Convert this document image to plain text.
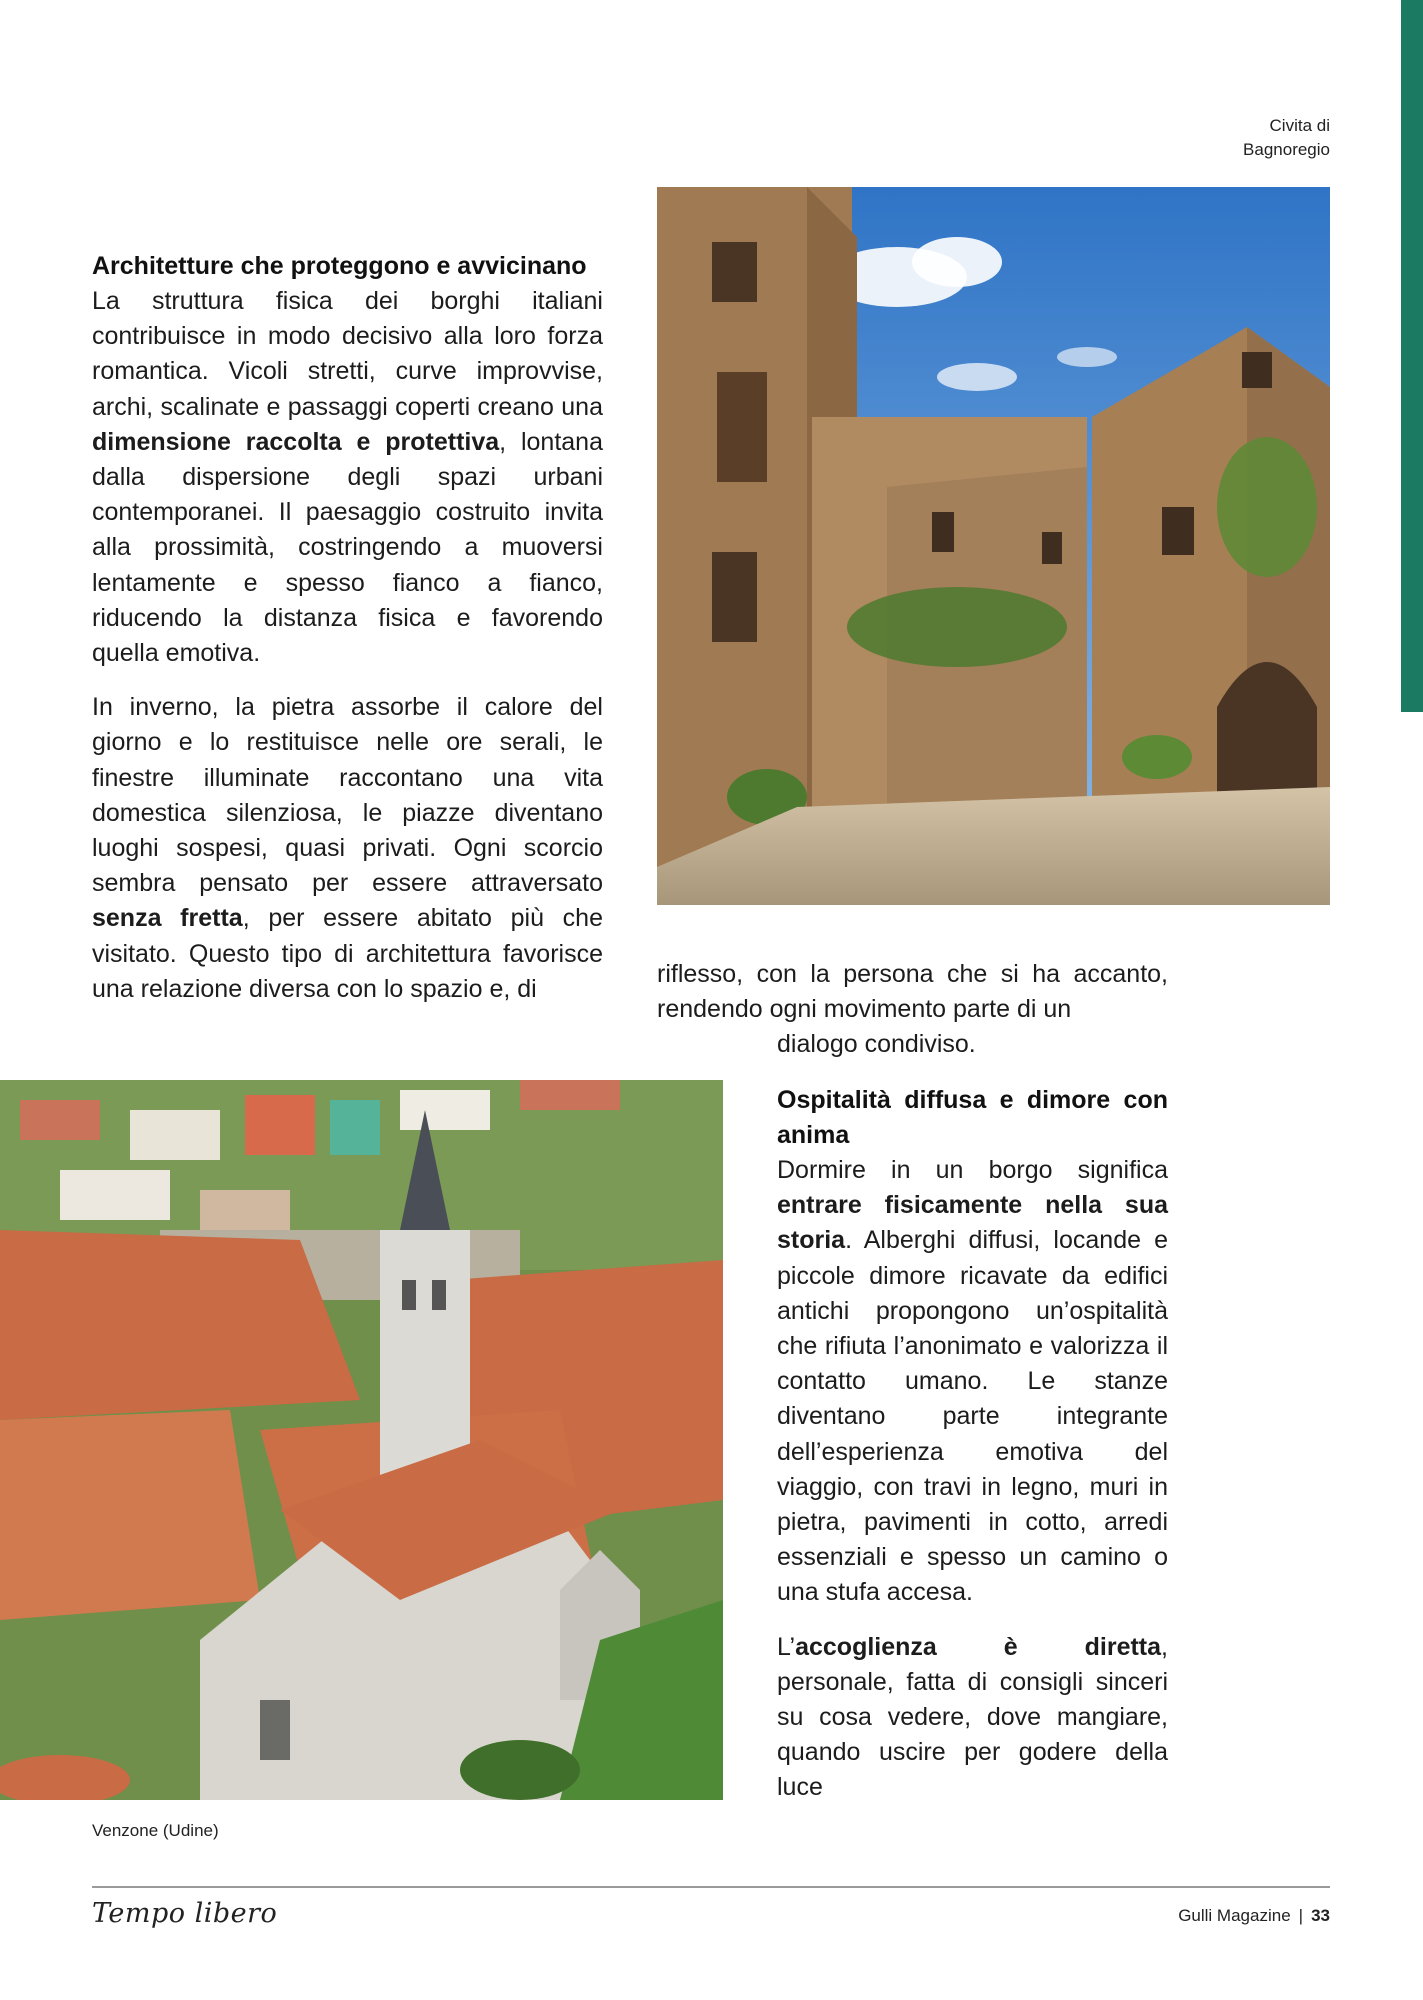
Civita di Bagnoregio
Architetture che proteggono e avvicinano

La struttura fisica dei borghi italiani contribuisce in modo decisivo alla loro forza romantica. Vicoli stretti, curve improvvise, archi, scalinate e passaggi coperti creano una dimensione raccolta e protettiva, lontana dalla dispersione degli spazi urbani contemporanei. Il paesaggio costruito invita alla prossimità, costringendo a muoversi lentamente e spesso fianco a fianco, riducendo la distanza fisica e favorendo quella emotiva.

In inverno, la pietra assorbe il calore del giorno e lo restituisce nelle ore serali, le finestre illuminate raccontano una vita domestica silenziosa, le piazze diventano luoghi sospesi, quasi privati. Ogni scorcio sembra pensato per essere attraversato senza fretta, per essere abitato più che visitato. Questo tipo di architettura favorisce una relazione diversa con lo spazio e, di

riflesso, con la persona che si ha accanto, rendendo ogni movimento parte di un
dialogo condiviso.
Ospitalità diffusa e dimore con anima

Dormire in un borgo significa entrare fisicamente nella sua storia. Alberghi diffusi, locande e piccole dimore ricavate da edifici antichi propongono un’ospitalità che rifiuta l’anonimato e valorizza il contatto umano. Le stanze diventano parte integrante dell’esperienza emotiva del viaggio, con travi in legno, muri in pietra, pavimenti in cotto, arredi essenziali e spesso un camino o una stufa accesa.

L’accoglienza è diretta, personale, fatta di consigli sinceri su cosa vedere, dove mangiare, quando uscire per godere della luce

Venzone (Udine)
Tempo libero	Gulli Magazine | 33
